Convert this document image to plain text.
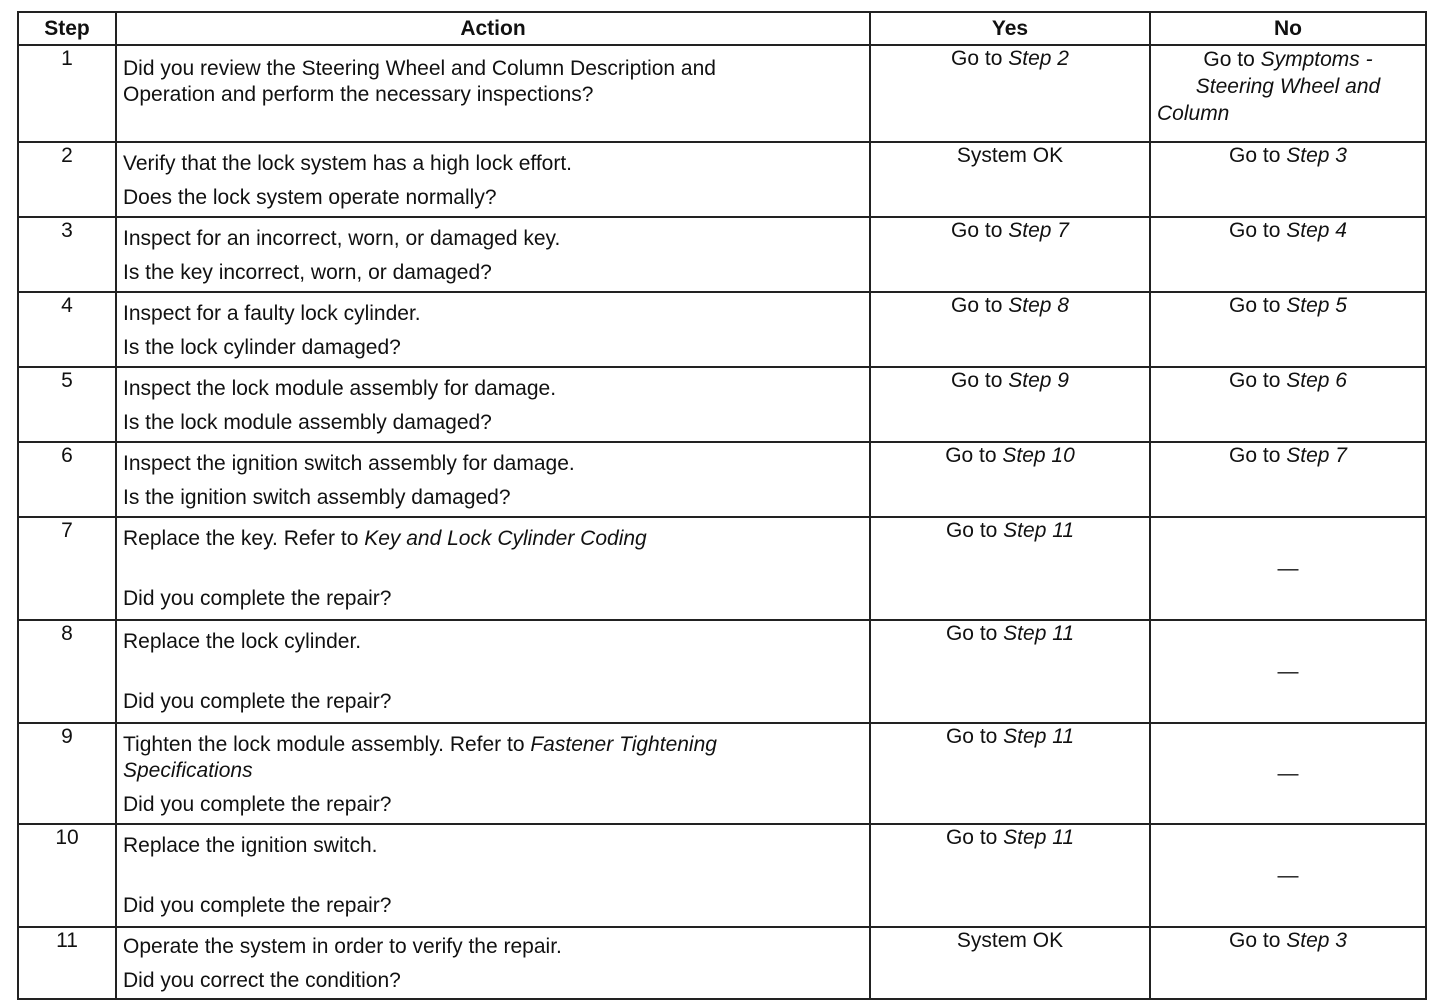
Step	Action	Yes	No
1	Did you review the Steering Wheel and Column Description and
Operation and perform the necessary inspections?	Go to Step 2	Go to Symptoms -
Steering Wheel and
Column

2	Verify that the lock system has a high lock effort.
Does the lock system operate normally?	System OK	Go to Step 3
3	Inspect for an incorrect, worn, or damaged key.
Is the key incorrect, worn, or damaged?	Go to Step 7	Go to Step 4
4	Inspect for a faulty lock cylinder.
Is the lock cylinder damaged?	Go to Step 8	Go to Step 5
5	Inspect the lock module assembly for damage.
Is the lock module assembly damaged?	Go to Step 9	Go to Step 6
6	Inspect the ignition switch assembly for damage.
Is the ignition switch assembly damaged?	Go to Step 10	Go to Step 7
7	Replace the key. Refer to Key and Lock Cylinder Coding
Did you complete the repair?	Go to Step 11	—
8	Replace the lock cylinder.
Did you complete the repair?	Go to Step 11	—
9	Tighten the lock module assembly. Refer to Fastener Tightening
Specifications
Did you complete the repair?	Go to Step 11	—
10	Replace the ignition switch.
Did you complete the repair?	Go to Step 11	—
11	Operate the system in order to verify the repair.
Did you correct the condition?	System OK	Go to Step 3
